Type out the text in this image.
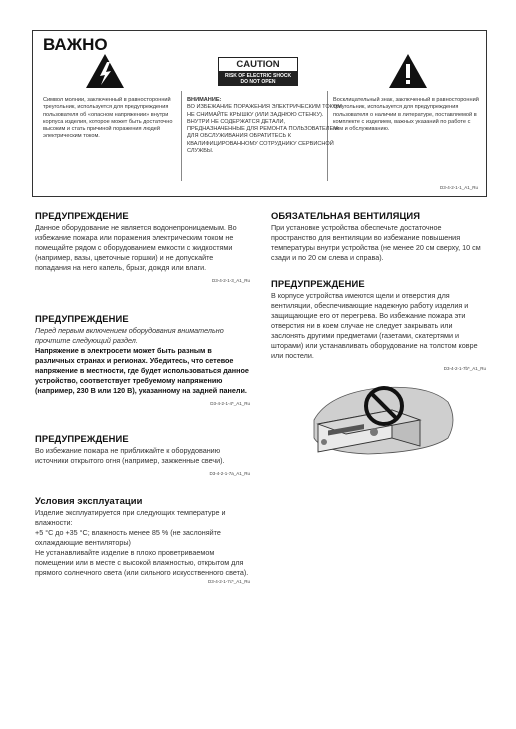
ВАЖНО
CAUTION
RISK OF ELECTRIC SHOCK
DO NOT OPEN
Символ молнии, заключенный в равносторонний треугольник, используется для предупреждения пользователя об «опасном напряжении» внутри корпуса изделия, которое может быть достаточно высоким и стать причиной поражения людей электрическим током.
ВНИМАНИЕ:
ВО ИЗБЕЖАНИЕ ПОРАЖЕНИЯ ЭЛЕКТРИЧЕСКИМ ТОКОМ НЕ СНИМАЙТЕ КРЫШКУ (ИЛИ ЗАДНЮЮ СТЕНКУ). ВНУТРИ НЕ СОДЕРЖАТСЯ ДЕТАЛИ, ПРЕДНАЗНАЧЕННЫЕ ДЛЯ РЕМОНТА ПОЛЬЗОВАТЕЛЕМ. ДЛЯ ОБСЛУЖИВАНИЯ ОБРАТИТЕСЬ К КВАЛИФИЦИРОВАННОМУ СОТРУДНИКУ СЕРВИСНОЙ СЛУЖБЫ.
Восклицательный знак, заключенный в равносторонний треугольник, используется для предупреждения пользователя о наличии в литературе, поставляемой в комплекте с изделием, важных указаний по работе с ним и обслуживанию.
D3-4-2-1-1_A1_Ru
ПРЕДУПРЕЖДЕНИЕ

Данное оборудование не является водонепроницаемым. Во избежание пожара или поражения электрическим током не помещайте рядом с оборудованием емкости с жидкостями (например, вазы, цветочные горшки) и не допускайте попадания на него капель, брызг, дождя или влаги.

D3-4-2-1-3_A1_Ru
ПРЕДУПРЕЖДЕНИЕ

Перед первым включением оборудования внимательно прочтите следующий раздел.

Напряжение в электросети может быть разным в различных странах и регионах. Убедитесь, что сетевое напряжение в местности, где будет использоваться данное устройство, соответствует требуемому напряжению (например, 230 В или 120 В), указанному на задней панели.

D3-4-2-1-4*_A1_Ru
ПРЕДУПРЕЖДЕНИЕ

Во избежание пожара не приближайте к оборудованию источники открытого огня (например, зажженные свечи).

D3-4-2-1-7a_A1_Ru
Условия эксплуатации

Изделие эксплуатируется при следующих температуре и влажности:

+5 °C до +35 °C; влажность менее 85 % (не заслоняйте охлаждающие вентиляторы)

Не устанавливайте изделие в плохо проветриваемом помещении или в месте с высокой влажностью, открытом для прямого солнечного света (или сильного искусственного света).

D3-4-2-1-7c*_A1_Ru
ОБЯЗАТЕЛЬНАЯ ВЕНТИЛЯЦИЯ

При установке устройства обеспечьте достаточное пространство для вентиляции во избежание повышения температуры внутри устройства (не менее 20 см сверху, 10 см сзади и по 20 см слева и справа).

ПРЕДУПРЕЖДЕНИЕ

В корпусе устройства имеются щели и отверстия для вентиляции, обеспечивающие надежную работу изделия и защищающие его от перегрева. Во избежание пожара эти отверстия ни в коем случае не следует закрывать или заслонять другими предметами (газетами, скатертями и шторами) или устанавливать оборудование на толстом ковре или постели.

D3-4-2-1-7b*_A1_Ru
